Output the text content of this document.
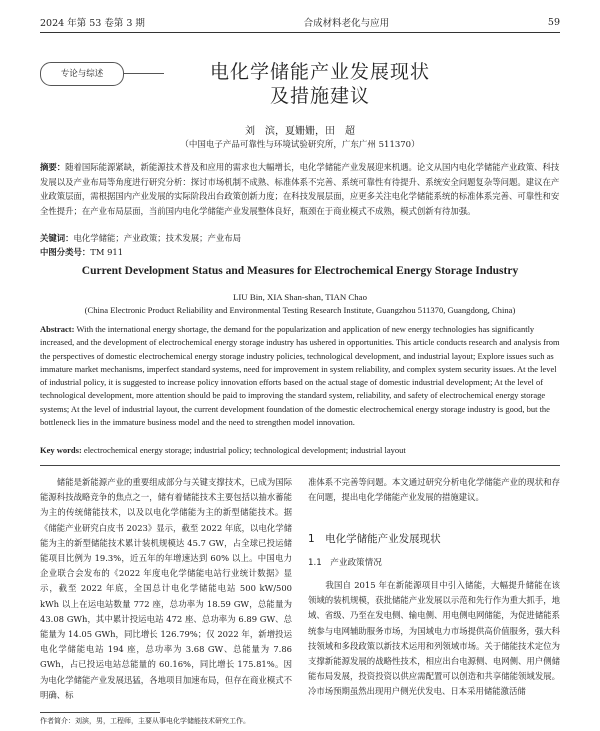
2024 年第 53 卷第 3 期	合成材料老化与应用	59
专论与综述	电化学储能产业发展现状
及措施建议
刘　滨，夏姗姗，田　超
（中国电子产品可靠性与环境试验研究所，广东广州 511370）
摘要：随着国际能源紧缺，新能源技术普及和应用的需求也大幅增长，电化学储能产业发展迎来机遇。论文从国内电化学储能产业政策、科技发展以及产业布局等角度进行研究分析：探讨市场机制不成熟、标准体系不完善、系统可靠性有待提升、系统安全问题复杂等问题。建议在产业政策层面，需根据国内产业发展的实际阶段出台政策创新力度；在科技发展层面，应更多关注电化学储能系统的标准体系完善、可靠性和安全性提升；在产业布局层面，当前国内电化学储能产业发展整体良好，瓶颈在于商业模式不成熟，模式创新有待加强。
关键词：电化学储能；产业政策；技术发展；产业布局
中图分类号：TM 911
Current Development Status and Measures for Electrochemical Energy Storage Industry
LIU Bin, XIA Shan-shan, TIAN Chao
(China Electronic Product Reliability and Environmental Testing Research Institute, Guangzhou 511370, Guangdong, China)
Abstract: With the international energy shortage, the demand for the popularization and application of new energy technologies has significantly increased, and the development of electrochemical energy storage industry has ushered in opportunities. This article conducts research and analysis from the perspectives of domestic electrochemical energy storage industry policies, technological development, and industrial layout; Explore issues such as immature market mechanisms, imperfect standard systems, need for improvement in system reliability, and complex system security issues. At the level of industrial policy, it is suggested to increase policy innovation efforts based on the actual stage of domestic industrial development; At the level of technological development, more attention should be paid to improving the standard system, reliability, and safety of electrochemical energy storage systems; At the level of industrial layout, the current development foundation of the domestic electrochemical energy storage industry is good, but the bottleneck lies in the immature business model and the need to strengthen model innovation.
Key words: electrochemical energy storage; industrial policy; technological development; industrial layout
　　储能是新能源产业的重要组成部分与关键支撑技术，已成为国际能源科技战略竞争的焦点之一，储有着储能技术主要包括以抽水蓄能为主的传统储能技术，以及以电化学储能为主的新型储能技术。据《储能产业研究白皮书 2023》显示，截至 2022 年底，以电化学储能为主的新型储能技术累计装机规模达 45.7 GW，占全球已投运储能项目比例为 19.3%，近五年的年增速达到 60% 以上。中国电力企业联合会发布的《2022 年度电化学储能电站行业统计数据》显示，截至 2022 年底，全国总计电化学储能电站 500 kW/500 kWh 以上在运电站数量 772 座，总功率为 18.59 GW，总能量为 43.08 GWh，其中累计投运电站 472 座、总功率为 6.89 GW、总能量为 14.05 GWh，同比增长 126.79%；仅 2022 年，新增投运电化学储能电站 194 座，总功率为 3.68 GW、总能量为 7.86 GWh，占已投运电站总能量的 60.16%，同比增长 175.81%。因为电化学储能产业发展迅猛，各地项目加速布局，但存在商业模式不明确、标
准体系不完善等问题。本文通过研究分析电化学储能产业的现状和存在问题，提出电化学储能产业发展的措施建议。
1　电化学储能产业发展现状
1.1　产业政策情况
　　我国自 2015 年在新能源项目中引入储能，大幅提升储能在该领域的装机规模，获批储能产业发展以示范和先行作为重大抓手，地域、省级、乃至在发电侧、输电侧、用电侧电网储能，为促进储能系统参与电网辅助服务市场，为国域电力市场提供高价值服务，强大科技领域和多段政策以新技术运用和列领域市场。关于储能技术定位为支撑新能源发展的战略性技术，相应出台电源侧、电网侧、用户侧储能布局发展，投资投资以供应需配置可以创造和共享储能领域发展。冷市场预期虽然出现用户侧光伏发电、日本采用储能激活储
作者简介：刘滨，男，工程师，主要从事电化学储能技术研究工作。
